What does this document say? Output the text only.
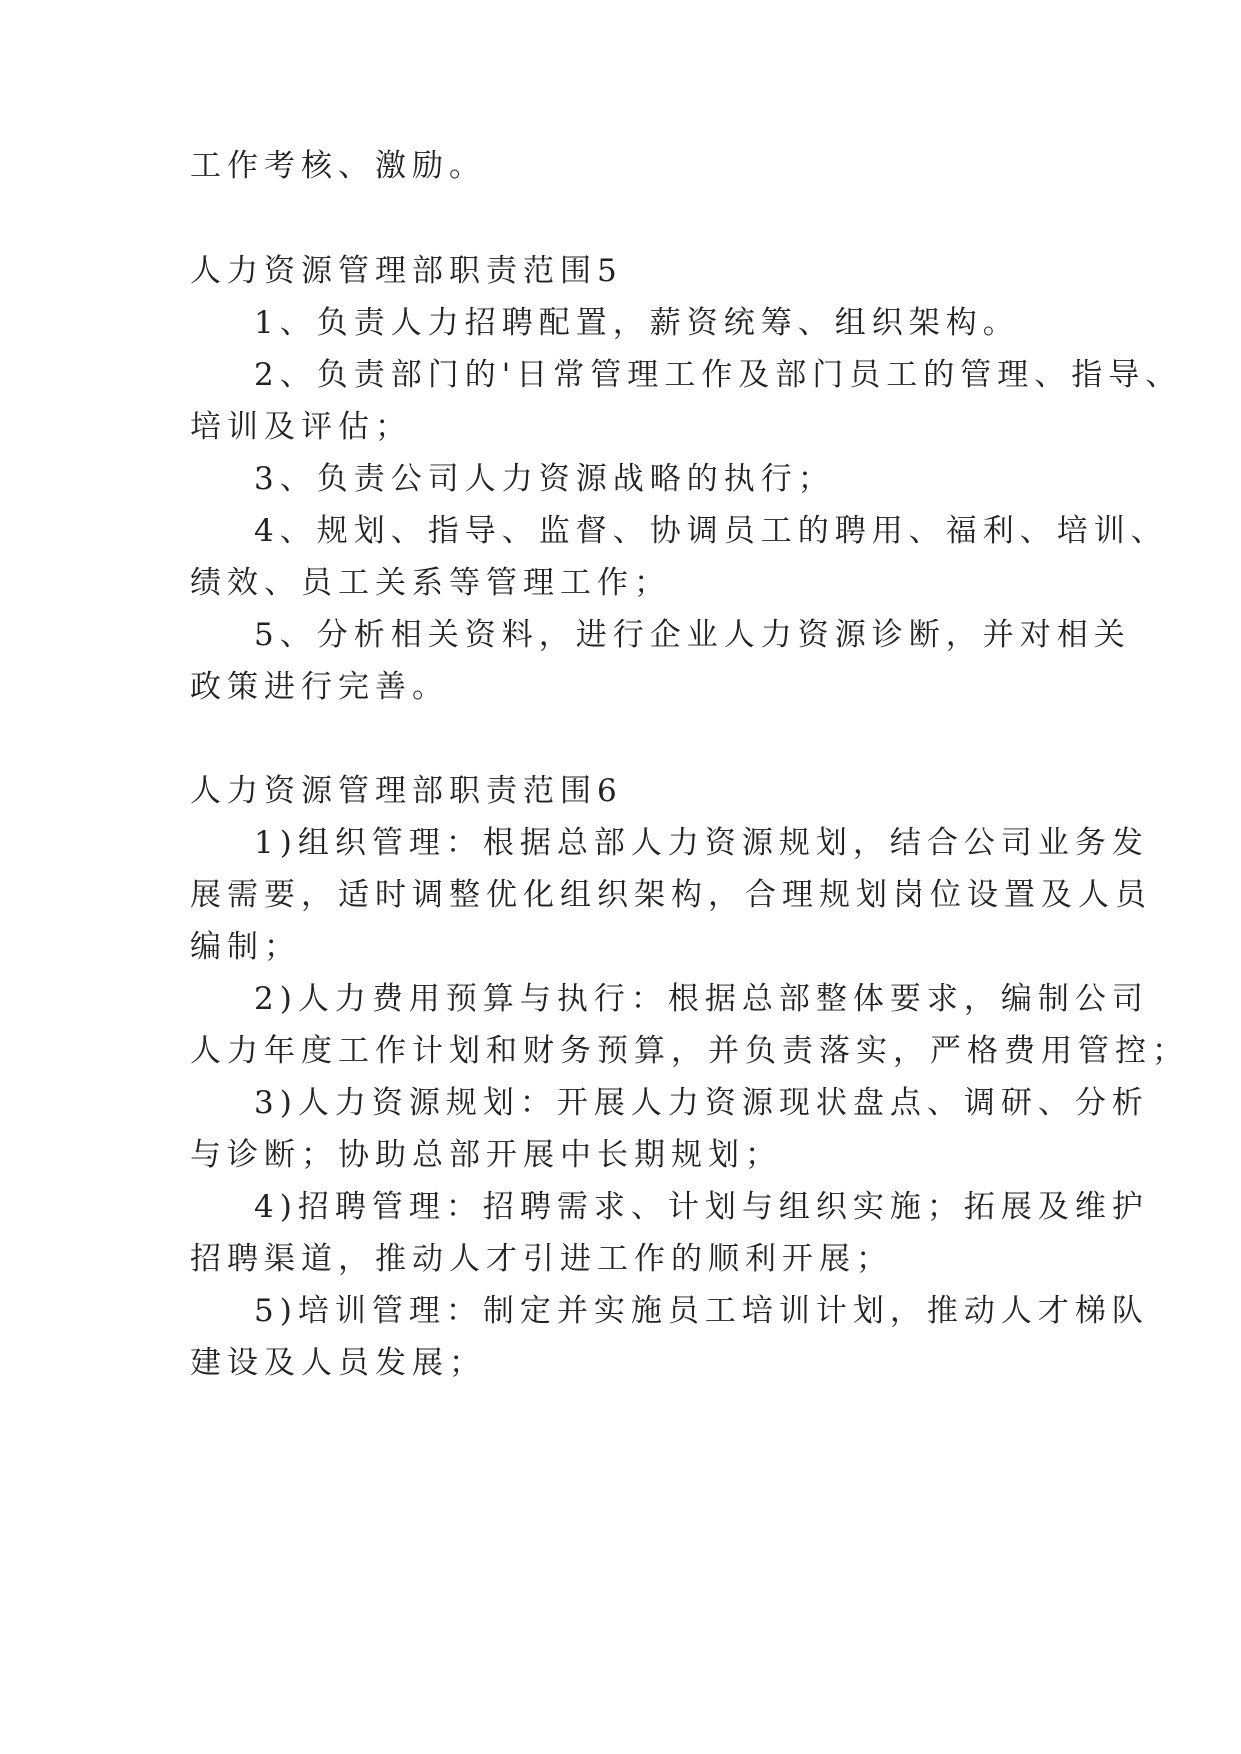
工作考核、激励。
人力资源管理部职责范围5
1、负责人力招聘配置，薪资统筹、组织架构。
2、负责部门的'日常管理工作及部门员工的管理、指导、
培训及评估；
3、负责公司人力资源战略的执行；
4、规划、指导、监督、协调员工的聘用、福利、培训、
绩效、员工关系等管理工作；
5、分析相关资料，进行企业人力资源诊断，并对相关
政策进行完善。
人力资源管理部职责范围6
1)组织管理：根据总部人力资源规划，结合公司业务发
展需要，适时调整优化组织架构，合理规划岗位设置及人员
编制；
2)人力费用预算与执行：根据总部整体要求，编制公司
人力年度工作计划和财务预算，并负责落实，严格费用管控；
3)人力资源规划：开展人力资源现状盘点、调研、分析
与诊断；协助总部开展中长期规划；
4)招聘管理：招聘需求、计划与组织实施；拓展及维护
招聘渠道，推动人才引进工作的顺利开展；
5)培训管理：制定并实施员工培训计划，推动人才梯队
建设及人员发展；
